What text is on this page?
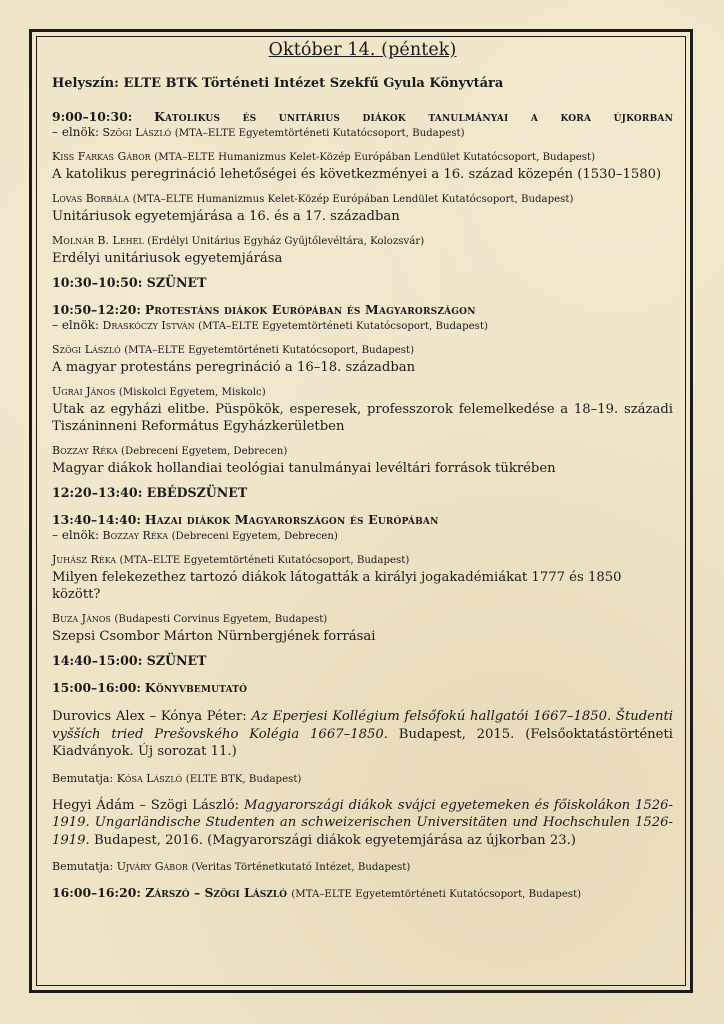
Október 14. (péntek)
Helyszín: ELTE BTK Történeti Intézet Szekfű Gyula Könyvtára
9:00–10:30: Katolikus és unitárius diákok tanulmányai a kora újkorban
– elnök: Szögi László (MTA–ELTE Egyetemtörténeti Kutatócsoport, Budapest)
Kiss Farkas Gábor (MTA–ELTE Humanizmus Kelet-Közép Európában Lendület Kutatócsoport, Budapest)
A katolikus peregrináció lehetőségei és következményei a 16. század közepén (1530–1580)
Lovas Borbála (MTA–ELTE Humanizmus Kelet-Közép Európában Lendület Kutatócsoport, Budapest)
Unitáriusok egyetemjárása a 16. és a 17. században
Molnár B. Lehel (Erdélyi Unitárius Egyház Gyűjtőlevéltára, Kolozsvár)
Erdélyi unitáriusok egyetemjárása
10:30–10:50: SZÜNET
10:50–12:20: Protestáns diákok Európában és Magyarországon
– elnök: Draskóczy István (MTA–ELTE Egyetemtörténeti Kutatócsoport, Budapest)
Szögi László (MTA–ELTE Egyetemtörténeti Kutatócsoport, Budapest)
A magyar protestáns peregrináció a 16–18. században
Ugrai János (Miskolci Egyetem, Miskolc)
Utak az egyházi elitbe. Püspökök, esperesek, professzorok felemelkedése a 18–19. századi Tiszáninneni Református Egyházkerületben
Bozzay Réka (Debreceni Egyetem, Debrecen)
Magyar diákok hollandiai teológiai tanulmányai levéltári források tükrében
12:20–13:40: EBÉDSZÜNET
13:40–14:40: Hazai diákok Magyarországon és Európában
– elnök: Bozzay Réka (Debreceni Egyetem, Debrecen)
Juhász Réka (MTA–ELTE Egyetemtörténeti Kutatócsoport, Budapest)
Milyen felekezethez tartozó diákok látogatták a királyi jogakadémiákat 1777 és 1850 között?
Buza János (Budapesti Corvinus Egyetem, Budapest)
Szepsi Csombor Márton Nürnbergjének forrásai
14:40–15:00: SZÜNET
15:00–16:00: Könyvbemutató
Durovics Alex – Kónya Péter: Az Eperjesi Kollégium felsőfokú hallgatói 1667–1850. Študenti vyšších tried Prešovského Kolégia 1667–1850. Budapest, 2015. (Felsőoktatástörténeti Kiadványok. Új sorozat 11.)
Bemutatja: Kósa László (ELTE BTK, Budapest)
Hegyi Ádám – Szögi László: Magyarországi diákok svájci egyetemeken és főiskolákon 1526-1919. Ungarländische Studenten an schweizerischen Universitäten und Hochschulen 1526-1919. Budapest, 2016. (Magyarországi diákok egyetemjárása az újkorban 23.)
Bemutatja: Ujváry Gábor (Veritas Történetkutató Intézet, Budapest)
16:00–16:20: Zárszó – Szögi László (MTA–ELTE Egyetemtörténeti Kutatócsoport, Budapest)
